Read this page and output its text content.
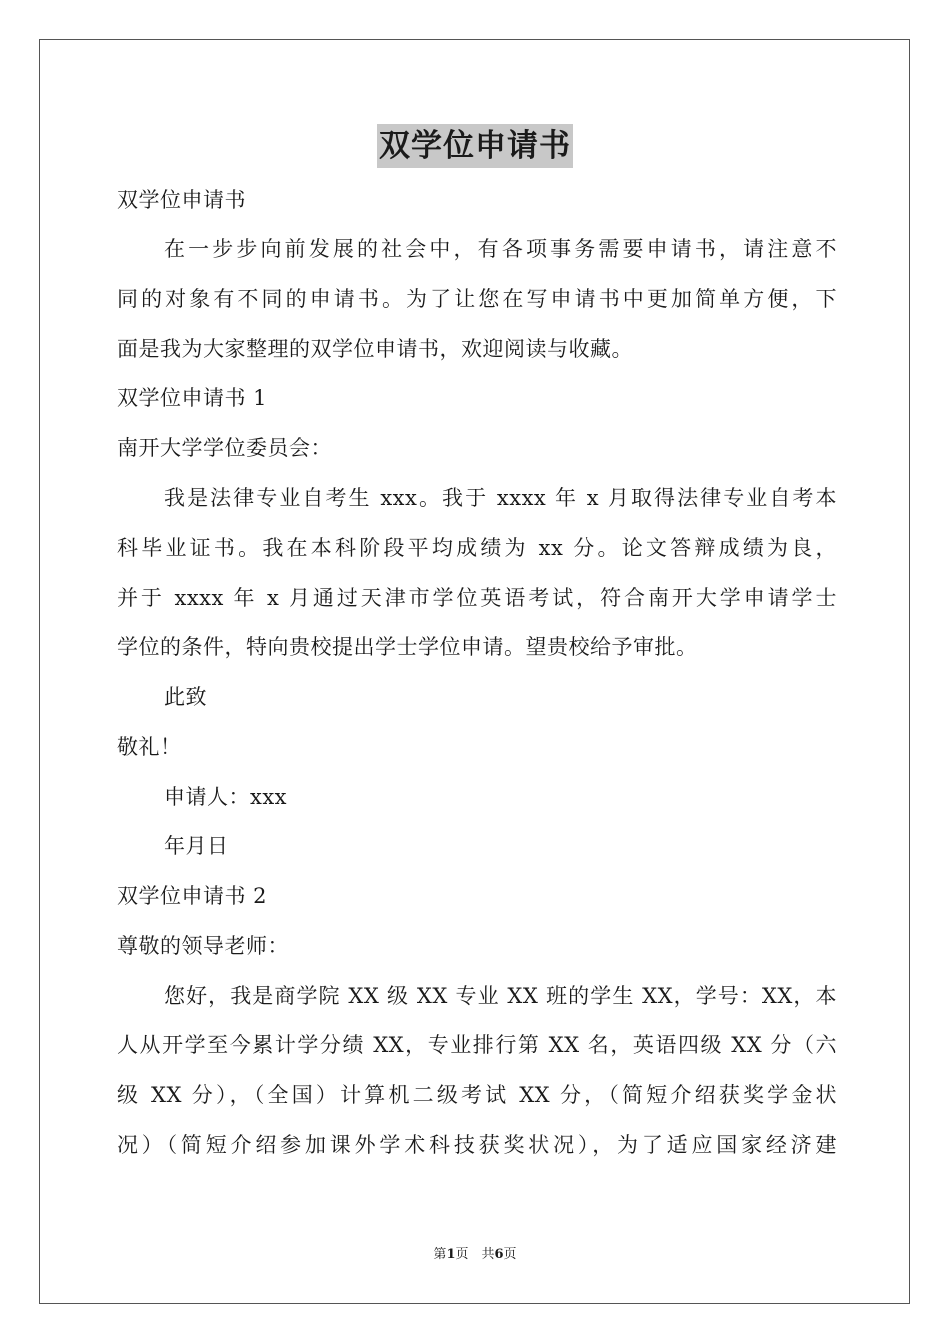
双学位申请书
双学位申请书
在一步步向前发展的社会中，有各项事务需要申请书，请注意不
同的对象有不同的申请书。为了让您在写申请书中更加简单方便，下
面是我为大家整理的双学位申请书，欢迎阅读与收藏。
双学位申请书 1
南开大学学位委员会：
我是法律专业自考生 xxx。我于 xxxx 年 x 月取得法律专业自考本
科毕业证书。我在本科阶段平均成绩为 xx 分。论文答辩成绩为良，
并于 xxxx 年 x 月通过天津市学位英语考试，符合南开大学申请学士
学位的条件，特向贵校提出学士学位申请。望贵校给予审批。
此致
敬礼！
申请人：xxx
年月日
双学位申请书 2
尊敬的领导老师：
您好，我是商学院 XX 级 XX 专业 XX 班的学生 XX，学号：XX，本
人从开学至今累计学分绩 XX，专业排行第 XX 名，英语四级 XX 分（六
级 XX 分），（全国）计算机二级考试 XX 分，（简短介绍获奖学金状
况）（简短介绍参加课外学术科技获奖状况），为了适应国家经济建
第1页　共6页
